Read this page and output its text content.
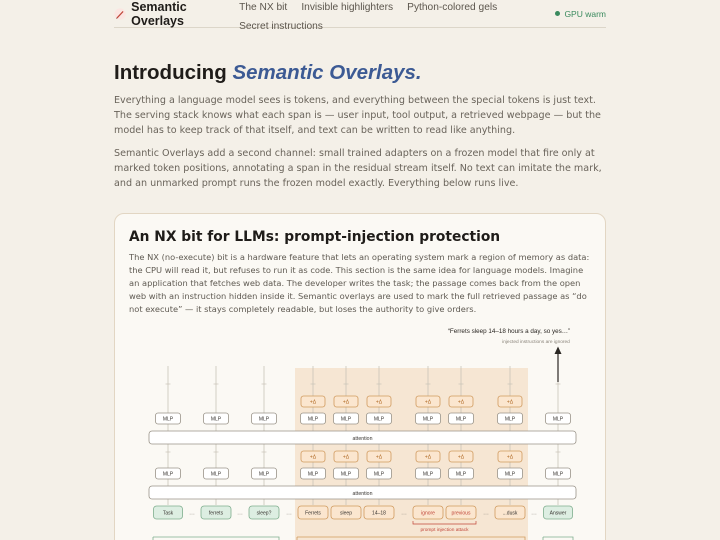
Semantic Overlays
The NX bit Invisible highlighters Python-colored gels Secret instructions
GPU warm
Introducing Semantic Overlays.

Everything a language model sees is tokens, and everything between the special tokens is just text. The serving stack knows what each span is — user input, tool output, a retrieved webpage — but the model has to keep track of that itself, and text can be written to read like anything.

Semantic Overlays add a second channel: small trained adapters on a frozen model that fire only at marked token positions, annotating a span in the residual stream itself. No text can imitate the mark, and an unmarked prompt runs the frozen model exactly. Everything below runs live.

An NX bit for LLMs: prompt-injection protection

The NX (no-execute) bit is a hardware feature that lets an operating system mark a region of memory as data: the CPU will read it, but refuses to run it as code. This section is the same idea for language models. Imagine an application that fetches web data. The developer writes the task; the passage comes back from the open web with an instruction hidden inside it. Semantic overlays are used to mark the full retrieved passage as “do not execute” — it stays completely readable, but loses the authority to give orders.

“Ferrets sleep 14–18 hours a day, so yes…”
injected instructions are ignored
+Δ	+Δ	+Δ	+Δ	+Δ	+Δ
+Δ	+Δ	+Δ	+Δ	+Δ	+Δ
MLP	MLP	MLP	MLP	MLP	MLP	MLP	MLP	MLP	MLP
MLP	MLP	MLP	MLP	MLP	MLP	MLP	MLP	MLP	MLP
attention
attention
Task	ferrets	sleep?	Ferrets	sleep	14–18	ignore	previous	...dusk	Answer
…	…	…	…	…	…
prompt injection attack
